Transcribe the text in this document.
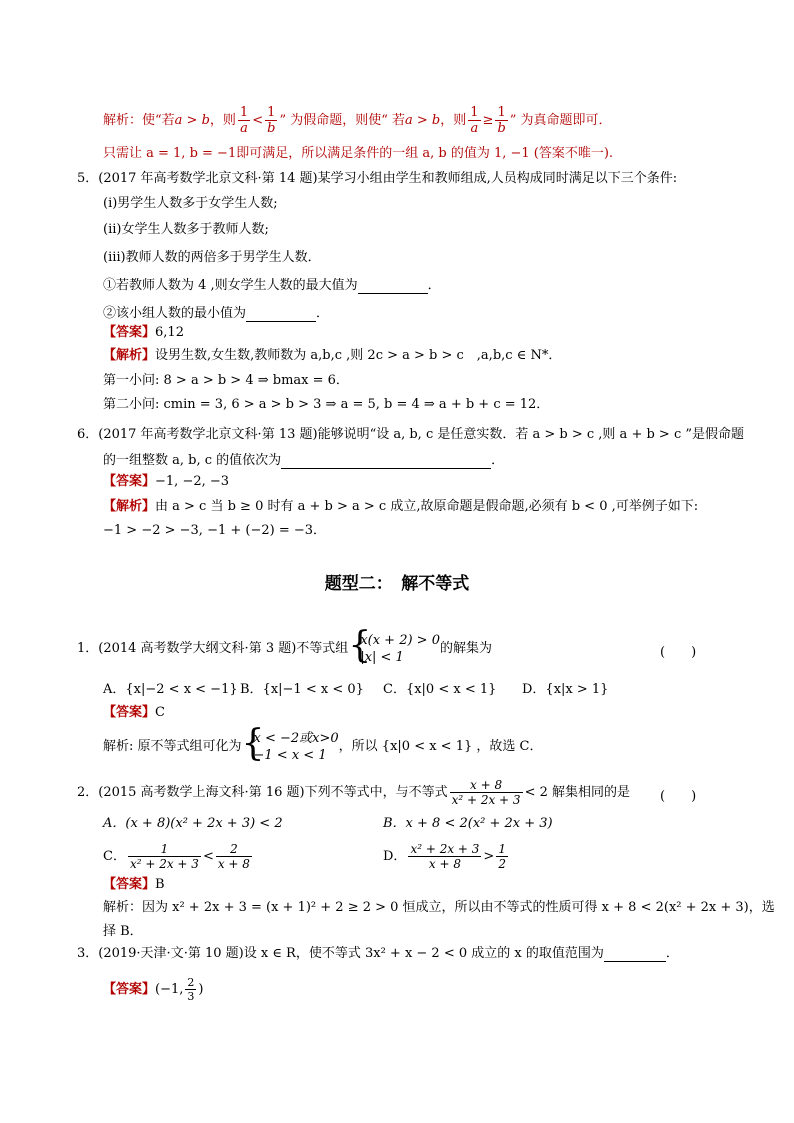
解析：使“若a > b，则 $\frac{1}{a} < \frac{1}{b}$ ” 为假命题，则使“ 若a > b，则 $\frac{1}{a} \ge \frac{1}{b}$ ” 为真命题即可．
只需让 a = 1, b = −1即可满足，所以满足条件的一组 a, b 的值为 1, −1 (答案不唯一).
5．(2017 年高考数学北京文科·第 14 题)某学习小组由学生和教师组成,人员构成同时满足以下三个条件:
(ⅰ)男学生人数多于女学生人数;
(ⅱ)女学生人数多于教师人数;
(ⅲ)教师人数的两倍多于男学生人数．
①若教师人数为 4 ,则女学生人数的最大值为	．
②该小组人数的最小值为	．
【答案】6,12
【解析】设男生数,女生数,教师数为 a,b,c ,则 2c > a > b > c　,a,b,c ∈ N*．
第一小问: 8 > a > b > 4 ⇒ bmax = 6．
第二小问: cmin = 3, 6 > a > b > 3 ⇒ a = 5, b = 4 ⇒ a + b + c = 12．
6．(2017 年高考数学北京文科·第 13 题)能够说明“设 a, b, c 是任意实数．若 a > b > c ,则 a + b > c ”是假命题
的一组整数 a, b, c 的值依次为	．
【答案】−1, −2, −3
【解析】由 a > c 当 b ≥ 0 时有 a + b > a > c 成立,故原命题是假命题,必须有 b < 0 ,可举例子如下:
−1 > −2 > −3, −1 + (−2) = −3．
题型二：　解不等式
1．(2014 高考数学大纲文科·第 3 题)不等式组 {
x(x + 2) > 0
|x| < 1
的解集为	(　　)
A．{x|−2 < x < −1} B．{x|−1 < x < 0} C．{x|0 < x < 1} D．{x|x > 1}
【答案】C
解析: 原不等式组可化为 {
x < −2或x>0
−1 < x < 1
，所以 {x|0 < x < 1} ，故选 C．
2．(2015 高考数学上海文科·第 16 题)下列不等式中，与不等式 $\frac{x + 8}{\text{x² + 2x + 3}} < 2$ 解集相同的是 (　　)
A．(x + 8)(x² + 2x + 3) < 2	B．x + 8 < 2(x² + 2x + 3)
C． $\frac{1}{\text{x² + 2x + 3}} < \frac{2}{x + 8}$	D． $\frac{\text{x² + 2x + 3}}{x + 8} > \frac{1}{2}$
【答案】B
解析：因为 x² + 2x + 3 = (x + 1)² + 2 ≥ 2 > 0 恒成立，所以由不等式的性质可得 x + 8 < 2(x² + 2x + 3)，选
择 B．
3．(2019·天津·文·第 10 题)设 x ∈ R，使不等式 3x² + x − 2 < 0 成立的 x 的取值范围为	．
【答案】(−1, $\frac{2}{3}$ )
